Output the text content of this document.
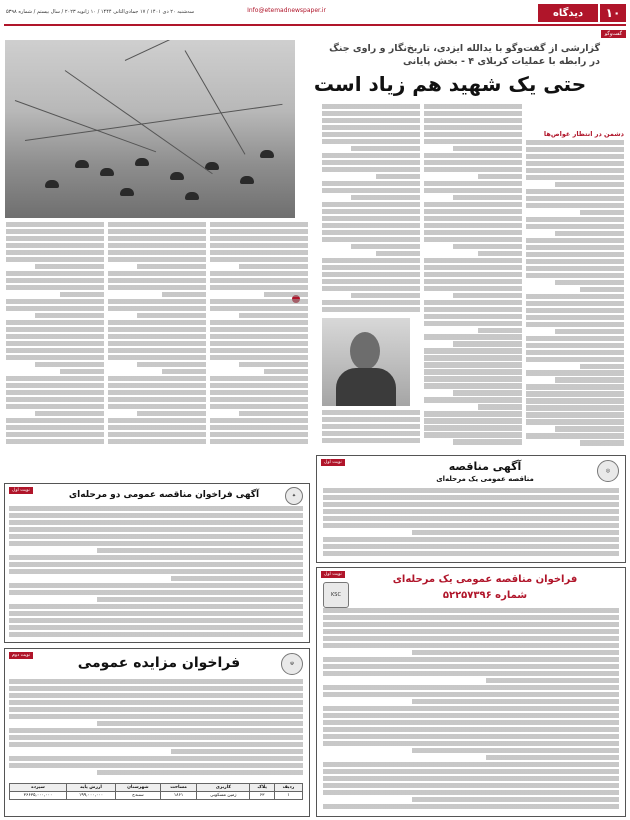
۱۰
دیدگاه
Info@etemadnewspaper.ir
سه‌شنبه ۲۰ دی ۱۴۰۱ / ۱۷ جمادی‌الثانی ۱۴۴۴ / ۱۰ ژانویه ۲۰۲۳ / سال بیستم / شماره ۵۳۹۸
گفت‌وگو
گزارشی از گفت‌وگو با یدالله ایزدی، تاریخ‌نگار و راوی جنگ
در رابطه با عملیات کربلای ۴ - بخش پایانی
حتی یک شهید هم زیاد است
دشمن در انتظار غواص‌ها
نوبت اول
◎
آگهی مناقصه
مناقصه عمومی یک مرحله‌ای
نوبت اول
KSC
فراخوان مناقصه عمومی یک مرحله‌ای
شماره ۵۲۲۵۷۳۹۶
نوبت اول
✦
آگهی فراخوان مناقصه عمومی دو مرحله‌ای
نوبت دوم
☫
فراخوان مزایده عمومی
ردیف	پلاک	کاربری	مساحت	شهرستان	ارزش پایه	سپرده
۱	۶۳	زمین مسکونی	۱۸۶۱	سنندج	۱۹۹,۰۰۰,۰۰۰	۳۶۶۳۵,۰۰۰,۰۰۰
